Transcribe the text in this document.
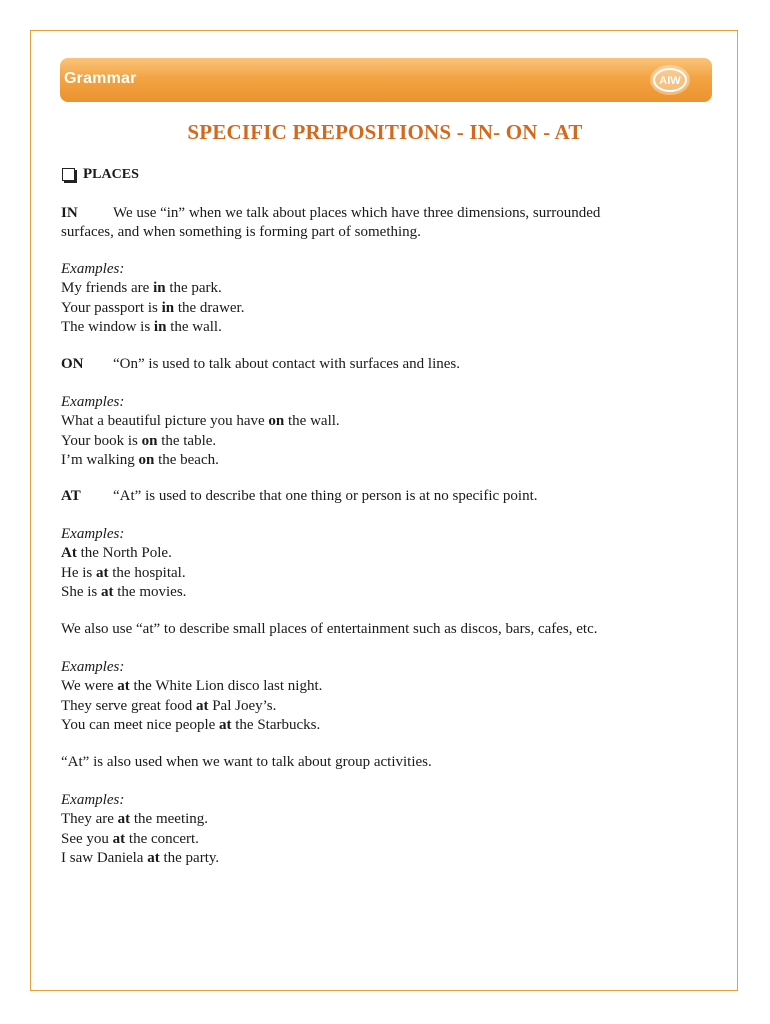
Grammar	AIW
SPECIFIC PREPOSITIONS - IN- ON - AT
P LACES
IN We use “in” when we talk about places which have three dimensions, surrounded
surfaces, and when something is forming part of something.
Examples:
My friends are in the park.
Your passport is in the drawer.
The window is in the wall.
ON “On” is used to talk about contact with surfaces and lines.
Examples:
What a beautiful picture you have on the wall.
Your book is on the table.
I’m walking on the beach.
AT “At” is used to describe that one thing or person is at no specific point.
Examples:
At the North Pole.
He is at the hospital.
She is at the movies.
We also use “at” to describe small places of entertainment such as discos, bars, cafes, etc.
Examples:
We were at the White Lion disco last night.
They serve great food at Pal Joey’s.
You can meet nice people at the Starbucks.
“At” is also used when we want to talk about group activities.
Examples:
They are at the meeting.
See you at the concert.
I saw Daniela at the party.
